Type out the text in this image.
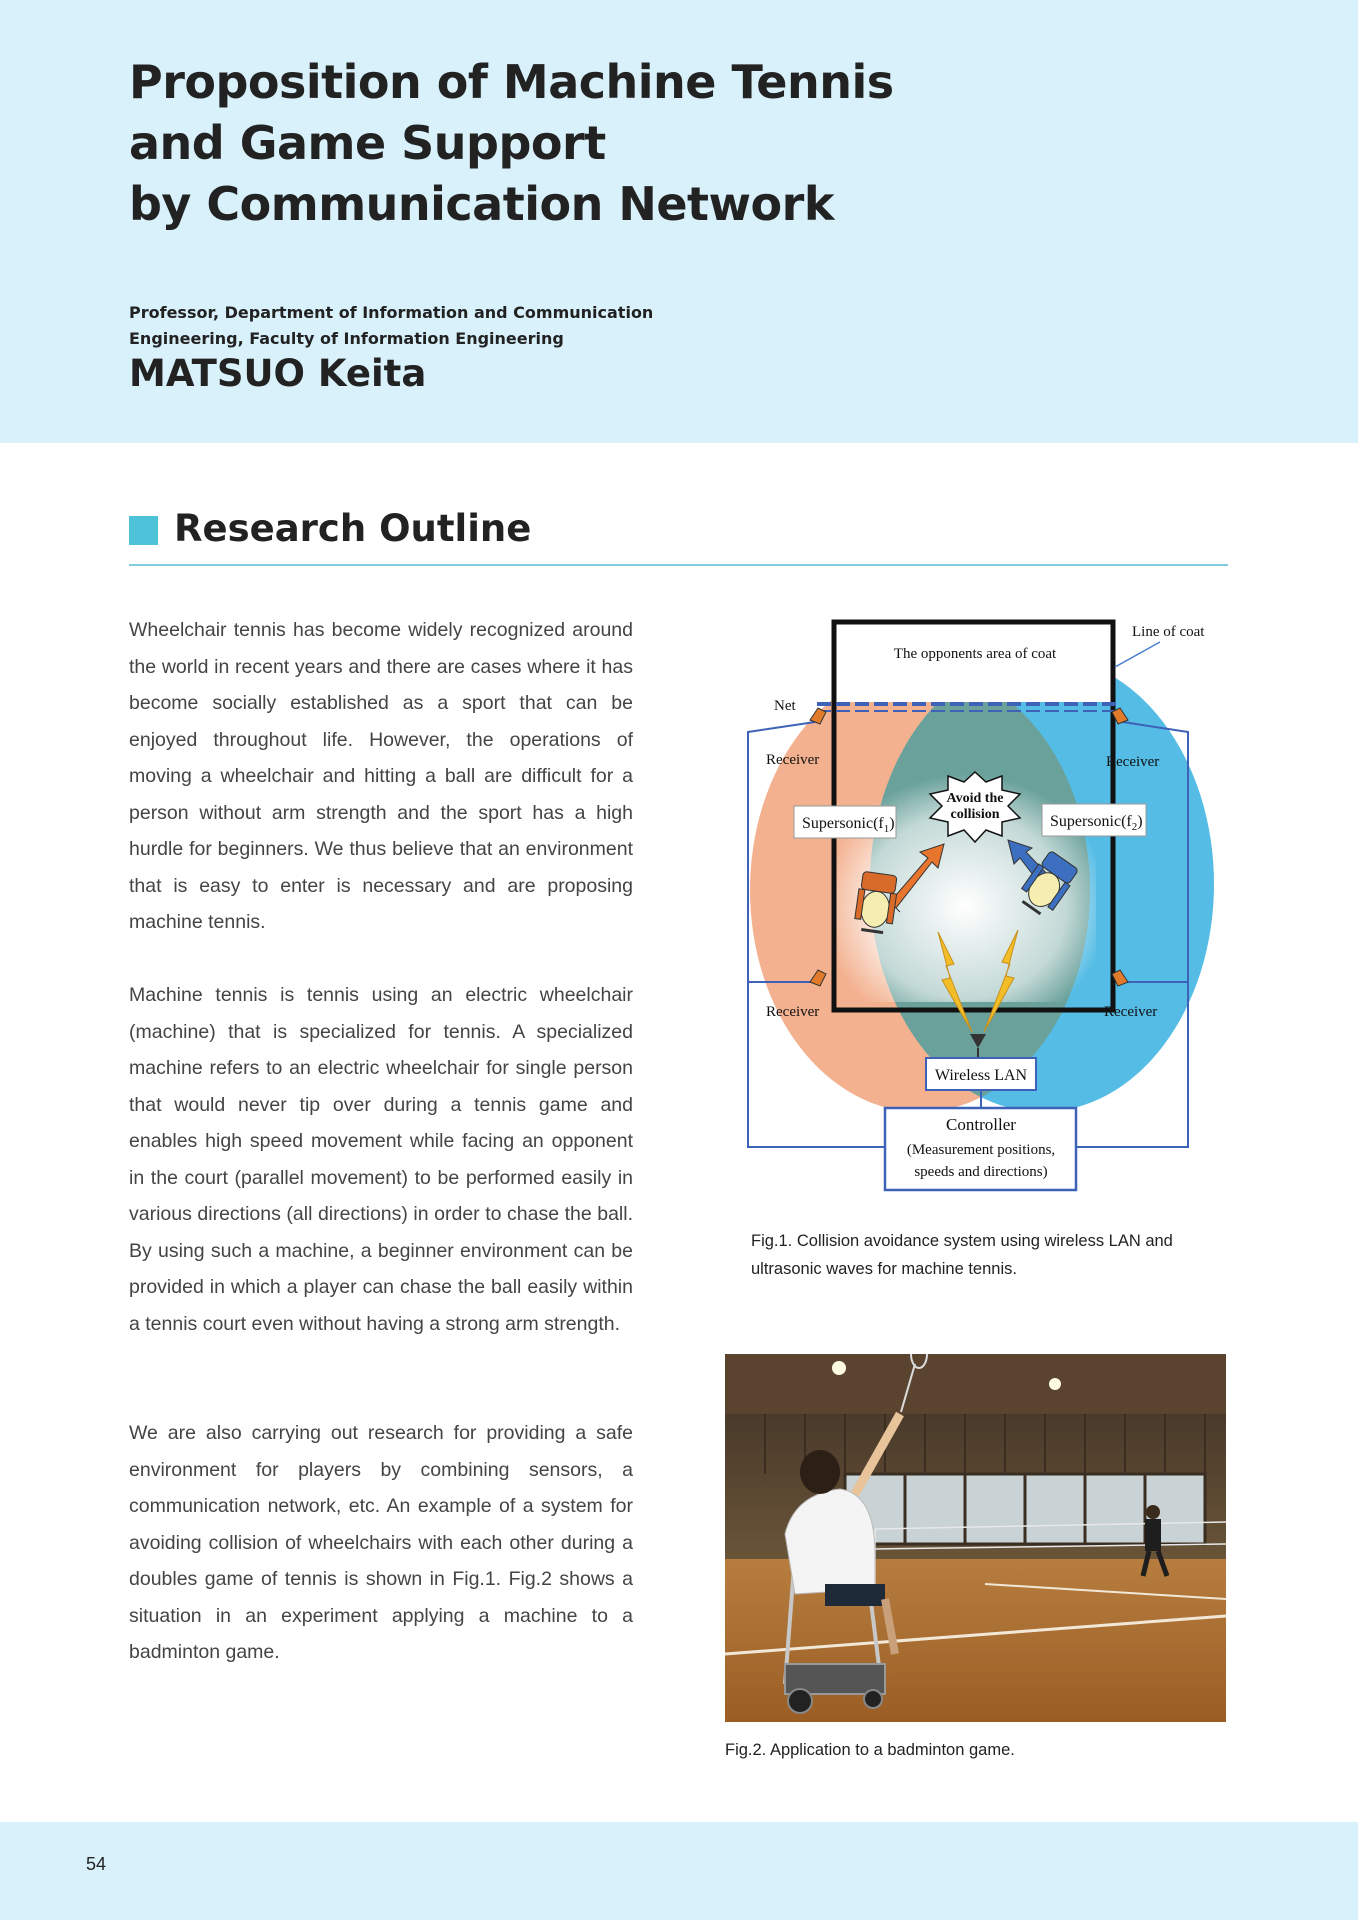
Proposition of Machine Tennis
and Game Support
by Communication Network
Professor, Department of Information and Communication
Engineering, Faculty of Information Engineering
MATSUO Keita
Research Outline

Wheelchair tennis has become widely recognized around the world in recent years and there are cases where it has become socially established as a sport that can be enjoyed throughout life. However, the operations of moving a wheelchair and hitting a ball are difficult for a person without arm strength and the sport has a high hurdle for beginners. We thus believe that an environment that is easy to enter is necessary and are proposing machine tennis.

Machine tennis is tennis using an electric wheelchair (machine) that is specialized for tennis. A specialized machine refers to an electric wheelchair for single person that would never tip over during a tennis game and enables high speed movement while facing an opponent in the court (parallel movement) to be performed easily in various directions (all directions) in order to chase the ball. By using such a machine, a beginner environment can be provided in which a player can chase the ball easily within a tennis court even without having a strong arm strength.

We are also carrying out research for providing a safe environment for players by combining sensors, a communication network, etc. An example of a system for avoiding collision of wheelchairs with each other during a doubles game of tennis is shown in Fig.1. Fig.2 shows a situation in an experiment applying a machine to a badminton game.

The opponents area of coat
Line of coat
Net
Receiver	Receiver
Receiver	Receiver
Avoid the
collision
$Supersonic(f_1)$	$Supersonic(f_2)$
Wireless LAN
Controller
(Measurement positions,
speeds and directions)

Fig.1. Collision avoidance system using wireless LAN and ultrasonic waves for machine tennis.

Fig.2. Application to a badminton game.

54
